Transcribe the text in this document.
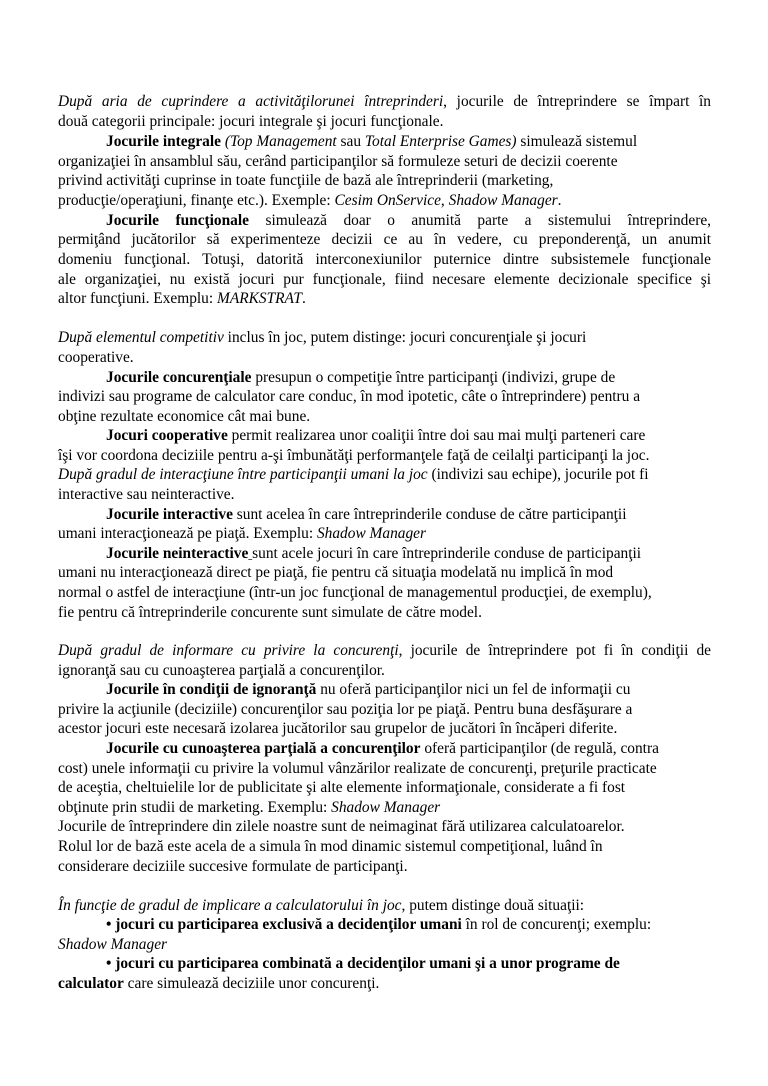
După aria de cuprindere a activităţilorunei întreprinderi, jocurile de întreprindere se împart în
două categorii principale: jocuri integrale şi jocuri funcţionale.
Jocurile integrale (Top Management sau Total Enterprise Games) simulează sistemul
organizaţiei în ansamblul său, cerând participanţilor să formuleze seturi de decizii coerente
privind activităţi cuprinse in toate funcţiile de bază ale întreprinderii (marketing,
producţie/operaţiuni, finanţe etc.). Exemple: Cesim OnService, Shadow Manager.
Jocurile funcţionale simulează doar o anumită parte a sistemului întreprindere,
permiţând jucătorilor să experimenteze decizii ce au în vedere, cu preponderenţă, un anumit
domeniu funcţional. Totuşi, datorită interconexiunilor puternice dintre subsistemele funcţionale
ale organizaţiei, nu există jocuri pur funcţionale, fiind necesare elemente decizionale specifice şi
altor funcţiuni. Exemplu: MARKSTRAT.
După elementul competitiv inclus în joc, putem distinge: jocuri concurenţiale şi jocuri
cooperative.
Jocurile concurenţiale presupun o competiţie între participanţi (indivizi, grupe de
indivizi sau programe de calculator care conduc, în mod ipotetic, câte o întreprindere) pentru a
obţine rezultate economice cât mai bune.
Jocuri cooperative permit realizarea unor coaliţii între doi sau mai mulţi parteneri care
îşi vor coordona deciziile pentru a-şi îmbunătăţi performanţele faţă de ceilalţi participanţi la joc.
După gradul de interacţiune între participanţii umani la joc (indivizi sau echipe), jocurile pot fi
interactive sau neinteractive.
Jocurile interactive sunt acelea în care întreprinderile conduse de către participanţii
umani interacţionează pe piaţă. Exemplu: Shadow Manager
Jocurile neinteractive sunt acele jocuri în care întreprinderile conduse de participanţii
umani nu interacţionează direct pe piaţă, fie pentru că situaţia modelată nu implică în mod
normal o astfel de interacţiune (într-un joc funcţional de managementul producţiei, de exemplu),
fie pentru că întreprinderile concurente sunt simulate de către model.
După gradul de informare cu privire la concurenţi, jocurile de întreprindere pot fi în condiţii de
ignoranţă sau cu cunoaşterea parţială a concurenţilor.
Jocurile în condiţii de ignoranţă nu oferă participanţilor nici un fel de informaţii cu
privire la acţiunile (deciziile) concurenţilor sau poziţia lor pe piaţă. Pentru buna desfăşurare a
acestor jocuri este necesară izolarea jucătorilor sau grupelor de jucători în încăperi diferite.
Jocurile cu cunoaşterea parţială a concurenţilor oferă participanţilor (de regulă, contra
cost) unele informaţii cu privire la volumul vânzărilor realizate de concurenţi, preţurile practicate
de aceştia, cheltuielile lor de publicitate şi alte elemente informaţionale, considerate a fi fost
obţinute prin studii de marketing. Exemplu: Shadow Manager
Jocurile de întreprindere din zilele noastre sunt de neimaginat fără utilizarea calculatoarelor.
Rolul lor de bază este acela de a simula în mod dinamic sistemul competiţional, luând în
considerare deciziile succesive formulate de participanţi.
În funcţie de gradul de implicare a calculatorului în joc, putem distinge două situaţii:
• jocuri cu participarea exclusivă a decidenţilor umani în rol de concurenţi; exemplu:
Shadow Manager
• jocuri cu participarea combinată a decidenţilor umani şi a unor programe de
calculator care simulează deciziile unor concurenţi.
